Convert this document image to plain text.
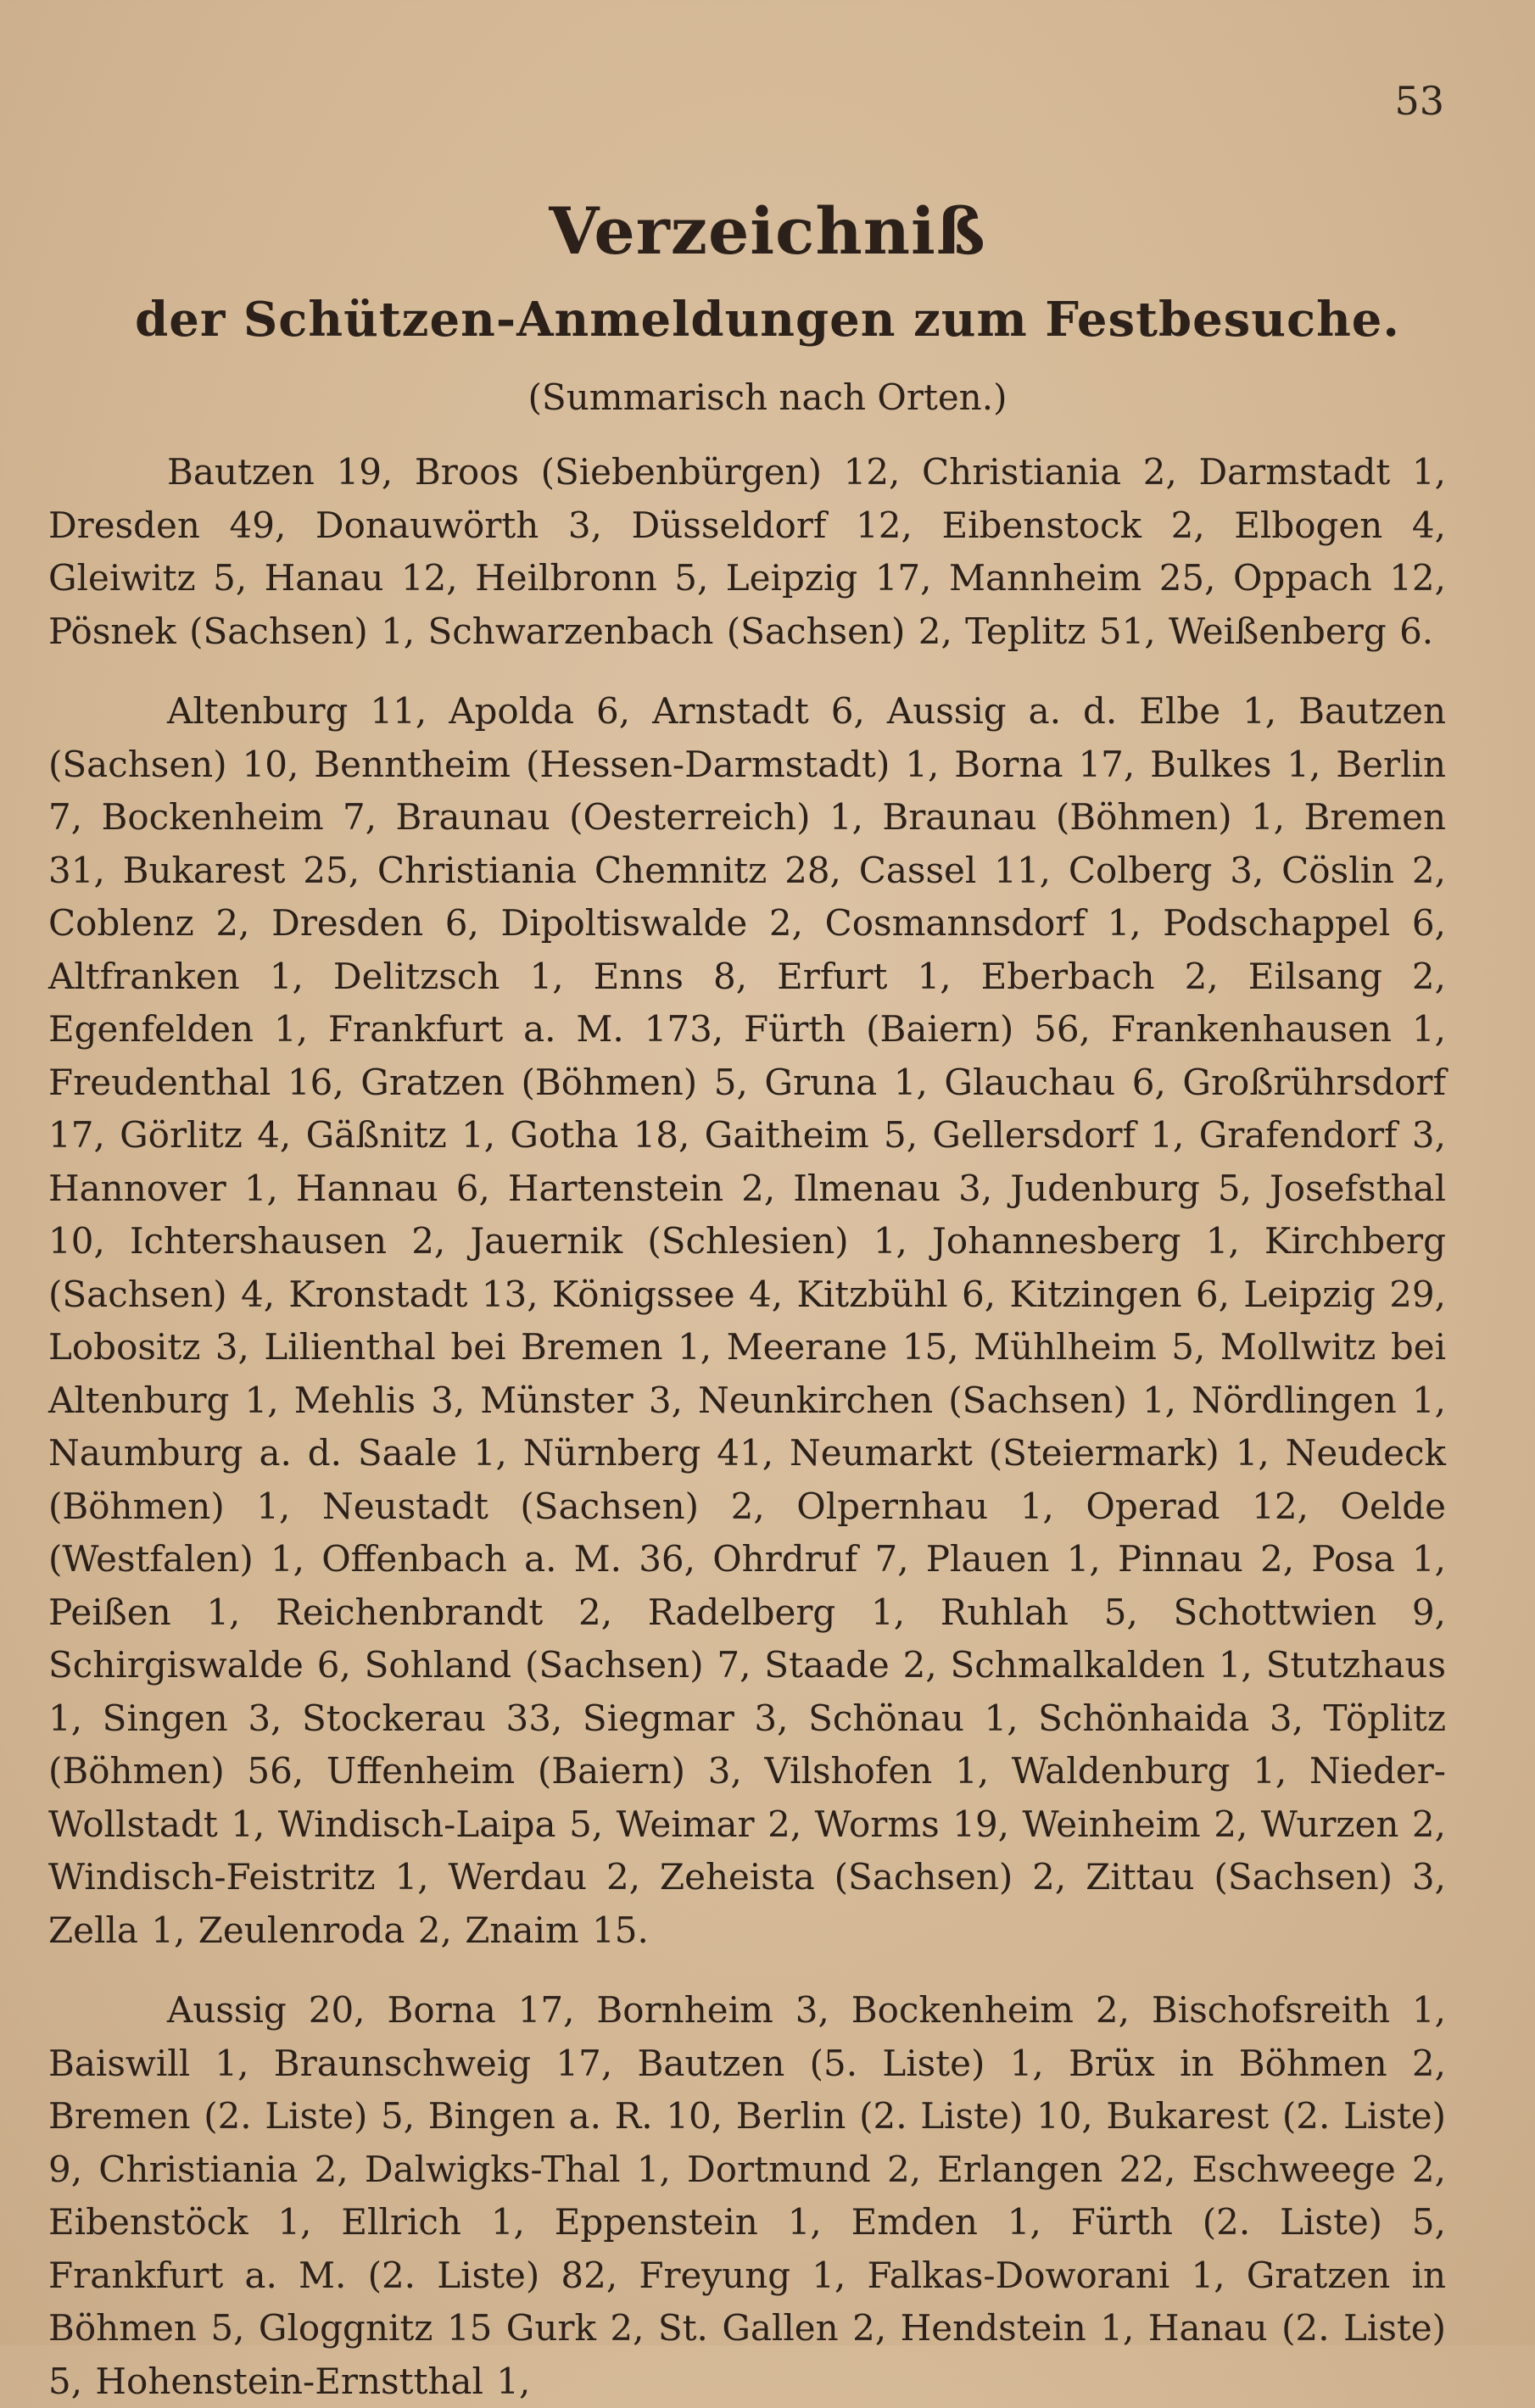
53
Verzeichniß
der Schützen-Anmeldungen zum Festbesuche.
(Summarisch nach Orten.)

Bautzen 19, Broos (Siebenbürgen) 12, Christiania 2, Darmstadt 1, Dresden 49, Donauwörth 3, Düsseldorf 12, Eibenstock 2, Elbogen 4, Gleiwitz 5, Hanau 12, Heilbronn 5, Leipzig 17, Mannheim 25, Oppach 12, Pösnek (Sachsen) 1, Schwarzenbach (Sachsen) 2, Teplitz 51, Weißenberg 6.

Altenburg 11, Apolda 6, Arnstadt 6, Aussig a. d. Elbe 1, Bautzen (Sachsen) 10, Benntheim (Hessen-Darmstadt) 1, Borna 17, Bulkes 1, Berlin 7, Bockenheim 7, Braunau (Oesterreich) 1, Braunau (Böhmen) 1, Bremen 31, Bukarest 25, Christiania Chemnitz 28, Cassel 11, Colberg 3, Cöslin 2, Coblenz 2, Dresden 6, Dipoltiswalde 2, Cosmannsdorf 1, Podschappel 6, Altfranken 1, Delitzsch 1, Enns 8, Erfurt 1, Eberbach 2, Eilsang 2, Egenfelden 1, Frankfurt a. M. 173, Fürth (Baiern) 56, Frankenhausen 1, Freudenthal 16, Gratzen (Böhmen) 5, Gruna 1, Glauchau 6, Großrührsdorf 17, Görlitz 4, Gäßnitz 1, Gotha 18, Gaitheim 5, Gellersdorf 1, Grafendorf 3, Hannover 1, Hannau 6, Hartenstein 2, Ilmenau 3, Judenburg 5, Josefsthal 10, Ichtershausen 2, Jauernik (Schlesien) 1, Johannesberg 1, Kirchberg (Sachsen) 4, Kronstadt 13, Königssee 4, Kitzbühl 6, Kitzingen 6, Leipzig 29, Lobositz 3, Lilienthal bei Bremen 1, Meerane 15, Mühlheim 5, Mollwitz bei Altenburg 1, Mehlis 3, Münster 3, Neunkirchen (Sachsen) 1, Nördlingen 1, Naumburg a. d. Saale 1, Nürnberg 41, Neumarkt (Steiermark) 1, Neudeck (Böhmen) 1, Neustadt (Sachsen) 2, Olpernhau 1, Operad 12, Oelde (Westfalen) 1, Offenbach a. M. 36, Ohrdruf 7, Plauen 1, Pinnau 2, Posa 1, Peißen 1, Reichenbrandt 2, Radelberg 1, Ruhlah 5, Schottwien 9, Schirgiswalde 6, Sohland (Sachsen) 7, Staade 2, Schmalkalden 1, Stutzhaus 1, Singen 3, Stockerau 33, Siegmar 3, Schönau 1, Schönhaida 3, Töplitz (Böhmen) 56, Uffenheim (Baiern) 3, Vilshofen 1, Waldenburg 1, Nieder-Wollstadt 1, Windisch-Laipa 5, Weimar 2, Worms 19, Weinheim 2, Wurzen 2, Windisch-Feistritz 1, Werdau 2, Zeheista (Sachsen) 2, Zittau (Sachsen) 3, Zella 1, Zeulenroda 2, Znaim 15.

Aussig 20, Borna 17, Bornheim 3, Bockenheim 2, Bischofsreith 1, Baiswill 1, Braunschweig 17, Bautzen (5. Liste) 1, Brüx in Böhmen 2, Bremen (2. Liste) 5, Bingen a. R. 10, Berlin (2. Liste) 10, Bukarest (2. Liste) 9, Christiania 2, Dalwigks-Thal 1, Dortmund 2, Erlangen 22, Eschweege 2, Eibenstöck 1, Ellrich 1, Eppenstein 1, Emden 1, Fürth (2. Liste) 5, Frankfurt a. M. (2. Liste) 82, Freyung 1, Falkas-Doworani 1, Gratzen in Böhmen 5, Gloggnitz 15 Gurk 2, St. Gallen 2, Hendstein 1, Hanau (2. Liste) 5, Hohenstein-Ernstthal 1,
